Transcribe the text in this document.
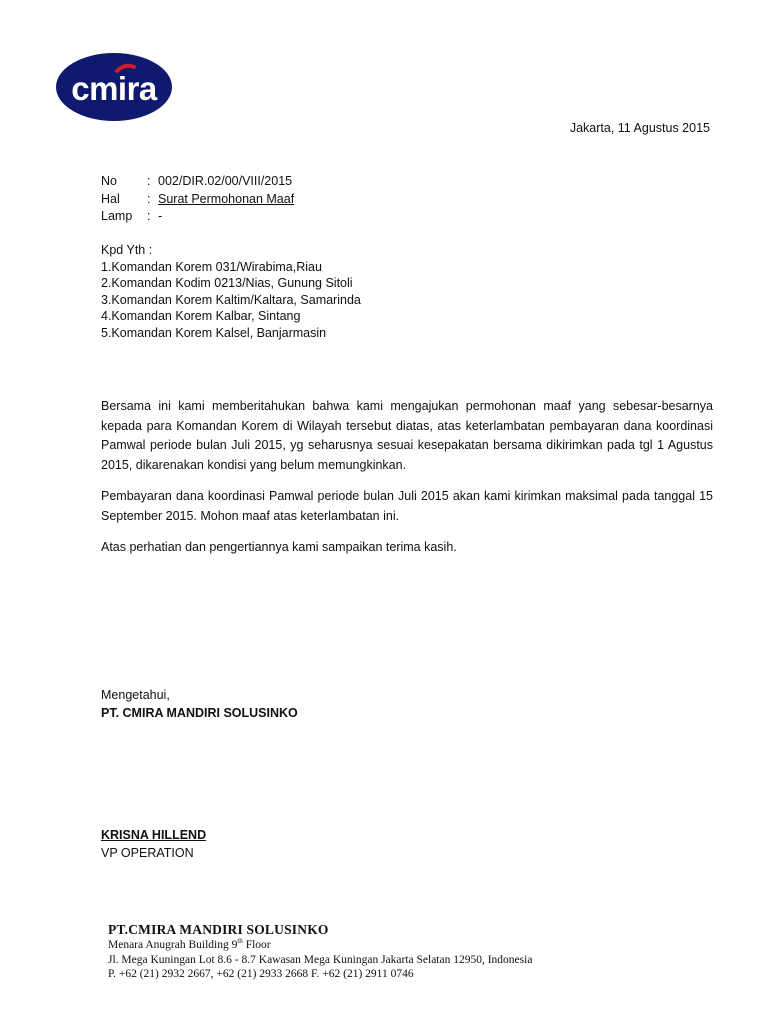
cmira
Jakarta, 11 Agustus 2015
No	: 002/DIR.02/00/VIII/2015
Hal	: Surat Permohonan Maaf
Lamp	: -
Kpd Yth :
1.Komandan Korem 031/Wirabima,Riau
2.Komandan Kodim 0213/Nias, Gunung Sitoli
3.Komandan Korem Kaltim/Kaltara, Samarinda
4.Komandan Korem Kalbar, Sintang
5.Komandan Korem Kalsel, Banjarmasin

Bersama ini kami memberitahukan bahwa kami mengajukan permohonan maaf yang sebesar-besarnya kepada para Komandan Korem di Wilayah tersebut diatas, atas keterlambatan pembayaran dana koordinasi Pamwal periode bulan Juli 2015, yg seharusnya sesuai kesepakatan bersama dikirimkan pada tgl 1 Agustus 2015, dikarenakan kondisi yang belum memungkinkan.

Pembayaran dana koordinasi Pamwal periode bulan Juli 2015 akan kami kirimkan maksimal pada tanggal 15 September 2015. Mohon maaf atas keterlambatan ini.

Atas perhatian dan pengertiannya kami sampaikan terima kasih.

Mengetahui,
PT. CMIRA MANDIRI SOLUSINKO
KRISNA HILLEND
VP OPERATION
PT.CMIRA MANDIRI SOLUSINKO
Menara Anugrah Building 9th Floor
Jl. Mega Kuningan Lot 8.6 - 8.7 Kawasan Mega Kuningan Jakarta Selatan 12950, Indonesia
P. +62 (21) 2932 2667, +62 (21) 2933 2668 F. +62 (21) 2911 0746
